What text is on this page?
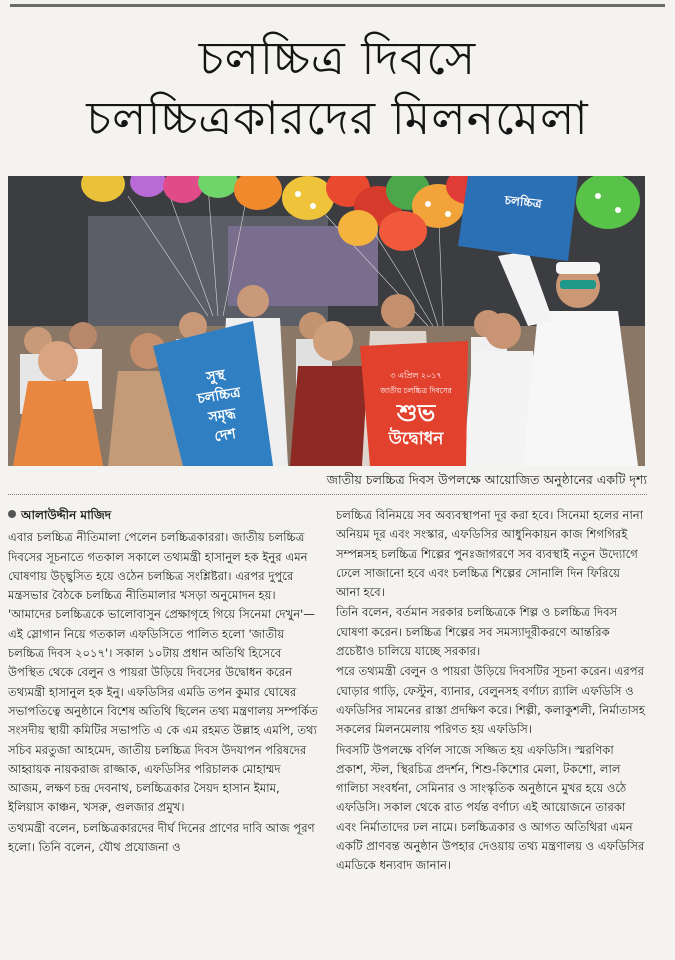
চলচ্চিত্র দিবসে
চলচ্চিত্রকারদের মিলনমেলা
সুস্থ
চলচ্চিত্র
সমৃদ্ধ
দেশ
৩ এপ্রিল ২০১৭
জাতীয় চলচ্চিত্র দিবসের
শুভ
উদ্বোধন
চলচ্চিত্র
জাতীয় চলচ্চিত্র দিবস উপলক্ষে আয়োজিত অনুষ্ঠানের একটি দৃশ্য
আলাউদ্দীন মাজিদ

এবার চলচ্চিত্র নীতিমালা পেলেন চলচ্চিত্রকাররা। জাতীয় চলচ্চিত্র দিবসের সূচনাতে গতকাল সকালে তথ্যমন্ত্রী হাসানুল হক ইনুর এমন ঘোষণায় উচ্ছ্বসিত হয়ে ওঠেন চলচ্চিত্র সংশ্লিষ্টরা। এরপর দুপুরে মন্ত্রসভার বৈঠকে চলচ্চিত্র নীতিমালার খসড়া অনুমোদন হয়। 'আমাদের চলচ্চিত্রকে ভালোবাসুন প্রেক্ষাগৃহে গিয়ে সিনেমা দেখুন'—এই স্লোগান নিয়ে গতকাল এফডিসিতে পালিত হলো 'জাতীয় চলচ্চিত্র দিবস ২০১৭'। সকাল ১০টায় প্রধান অতিথি হিসেবে উপস্থিত থেকে বেলুন ও পায়রা উড়িয়ে দিবসের উদ্বোধন করেন তথ্যমন্ত্রী হাসানুল হক ইনু। এফডিসির এমডি তপন কুমার ঘোষের সভাপতিত্বে অনুষ্ঠানে বিশেষ অতিথি ছিলেন তথ্য মন্ত্রণালয় সম্পর্কিত সংসদীয় স্থায়ী কমিটির সভাপতি এ কে এম রহমত উল্লাহ এমপি, তথ্য সচিব মরতুজা আহমেদ, জাতীয় চলচ্চিত্র দিবস উদযাপন পরিষদের আহ্বায়ক নায়করাজ রাজ্জাক, এফডিসির পরিচালক মোহাম্মদ আজম, লক্ষণ চন্দ্র দেবনাথ, চলচ্চিত্রকার সৈয়দ হাসান ইমাম, ইলিয়াস কাঞ্চন, খসরু, গুলজার প্রমুখ।

তথ্যমন্ত্রী বলেন, চলচ্চিত্রকারদের দীর্ঘ দিনের প্রাণের দাবি আজ পূরণ হলো। তিনি বলেন, যৌথ প্রযোজনা ও

চলচ্চিত্র বিনিময়ে সব অব্যবস্থাপনা দূর করা হবে। সিনেমা হলের নানা অনিয়ম দূর এবং সংস্কার, এফডিসির আধুনিকায়ন কাজ শিগগিরই সম্পন্নসহ চলচ্চিত্র শিল্পের পুনঃজাগরণে সব ব্যবস্থাই নতুন উদ্যোগে ঢেলে সাজানো হবে এবং চলচ্চিত্র শিল্পের সোনালি দিন ফিরিয়ে আনা হবে।

তিনি বলেন, বর্তমান সরকার চলচ্চিত্রকে শিল্প ও চলচ্চিত্র দিবস ঘোষণা করেন। চলচ্চিত্র শিল্পের সব সমস্যাদূরীকরণে আন্তরিক প্রচেষ্টাও চালিয়ে যাচ্ছে সরকার।

পরে তথ্যমন্ত্রী বেলুন ও পায়রা উড়িয়ে দিবসটির সূচনা করেন। এরপর ঘোড়ার গাড়ি, ফেস্টুন, ব্যানার, বেলুনসহ বর্ণাঢ্য র‍্যালি এফডিসি ও এফডিসির সামনের রাস্তা প্রদক্ষিণ করে। শিল্পী, কলাকুশলী, নির্মাতাসহ সকলের মিলনমেলায় পরিণত হয় এফডিসি।

দিবসটি উপলক্ষে বর্ণিল সাজে সজ্জিত হয় এফডিসি। স্মরণিকা প্রকাশ, স্টল, স্থিরচিত্র প্রদর্শন, শিশু-কিশোর মেলা, টকশো, লাল গালিচা সংবর্ধনা, সেমিনার ও সাংস্কৃতিক অনুষ্ঠানে মুখর হয়ে ওঠে এফডিসি। সকাল থেকে রাত পর্যন্ত বর্ণাঢ্য এই আয়োজনে তারকা এবং নির্মাতাদের ঢল নামে। চলচ্চিত্রকার ও আগত অতিথিরা এমন একটি প্রাণবন্ত অনুষ্ঠান উপহার দেওয়ায় তথ্য মন্ত্রণালয় ও এফডিসির এমডিকে ধন্যবাদ জানান।
